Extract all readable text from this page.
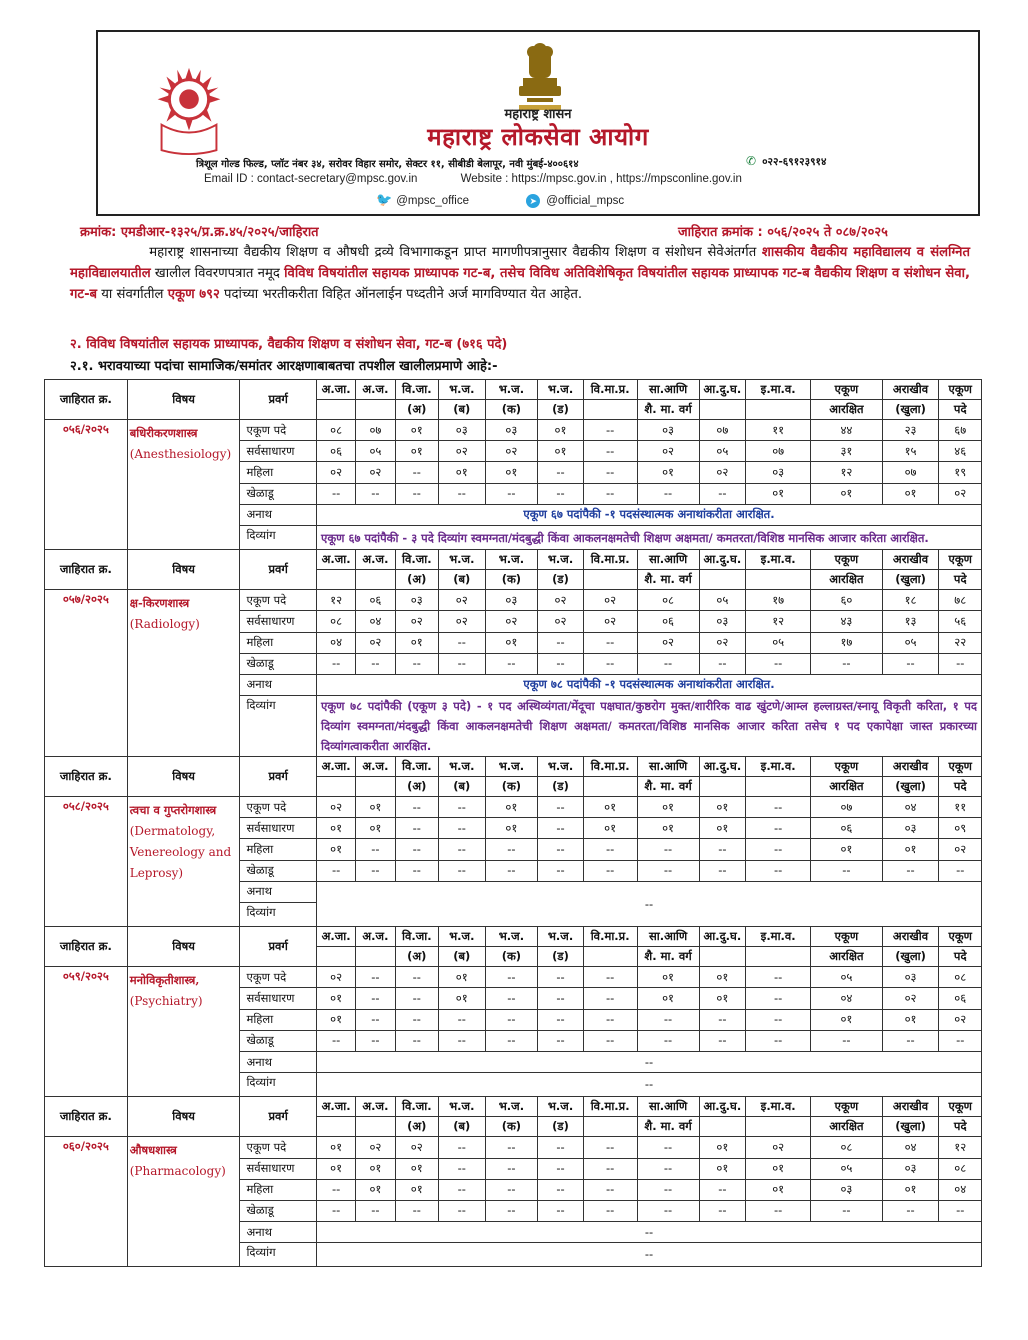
महाराष्ट्र शासन
महाराष्ट्र लोकसेवा आयोग
त्रिशूल गोल्ड फिल्ड, प्लॉट नंबर ३४, सरोवर विहार समोर, सेक्टर ११, सीबीडी बेलापूर, नवी मुंबई-४००६१४	✆ ०२२-६९१२३९१४
Email ID : contact-secretary@mpsc.gov.in	Website : https://mpsc.gov.in , https://mpsconline.gov.in
🐦 @mpsc_office	➤ @official_mpsc
क्रमांक: एमडीआर-१३२५/प्र.क्र.४५/२०२५/जाहिरात	जाहिरात क्रमांक : ०५६/२०२५ ते ०८७/२०२५
महाराष्ट्र शासनाच्या वैद्यकीय शिक्षण व औषधी द्रव्ये विभागाकडून प्राप्त मागणीपत्रानुसार वैद्यकीय शिक्षण व संशोधन सेवेअंतर्गत शासकीय वैद्यकीय महाविद्यालय व संलग्नित महाविद्यालयातील खालील विवरणपत्रात नमूद विविध विषयांतील सहायक प्राध्यापक गट-ब, तसेच विविध अतिविशेषिकृत विषयांतील सहायक प्राध्यापक गट-ब वैद्यकीय शिक्षण व संशोधन सेवा, गट-ब या संवर्गातील एकूण ७९२ पदांच्या भरतीकरीता विहित ऑनलाईन पध्दतीने अर्ज मागविण्यात येत आहेत.
२. विविध विषयांतील सहायक प्राध्यापक, वैद्यकीय शिक्षण व संशोधन सेवा, गट-ब (७१६ पदे)
२.१. भरावयाच्या पदांचा सामाजिक/समांतर आरक्षणाबाबतचा तपशील खालीलप्रमाणे आहे:-
जाहिरात क्र.	विषय	प्रवर्ग	अ.जा.	अ.ज.	वि.जा.	भ.ज.	भ.ज.	भ.ज.	वि.मा.प्र.	सा.आणि	आ.दु.घ.	इ.मा.व.	एकूण	अराखीव	एकूण
					(अ)	(ब)	(क)	(ड)		शै. मा. वर्ग			आरक्षित	(खुला)	पदे
०५६/२०२५	बधिरीकरणशास्त्र
(Anesthesiology)	एकूण पदे	०८	०७	०१	०३	०३	०१	--	०३	०७	११	४४	२३	६७
		सर्वसाधारण	०६	०५	०१	०२	०२	०१	--	०२	०५	०७	३१	१५	४६
		महिला	०२	०२	--	०१	०१	--	--	०१	०२	०३	१२	०७	१९
		खेळाडू	--	--	--	--	--	--	--	--	--	०१	०१	०१	०२
		अनाथ	एकूण ६७ पदांपैकी -१ पदसंस्थात्मक अनाथांकरीता आरक्षित.												
		दिव्यांग	एकूण ६७ पदांपैकी - ३ पदे दिव्यांग स्वमग्नता/मंदबुद्धी किंवा आकलनक्षमतेची शिक्षण अक्षमता/ कमतरता/विशिष्ठ मानसिक आजार करिता आरक्षित.												
जाहिरात क्र.	विषय	प्रवर्ग	अ.जा.	अ.ज.	वि.जा.	भ.ज.	भ.ज.	भ.ज.	वि.मा.प्र.	सा.आणि	आ.दु.घ.	इ.मा.व.	एकूण	अराखीव	एकूण
					(अ)	(ब)	(क)	(ड)		शै. मा. वर्ग			आरक्षित	(खुला)	पदे
०५७/२०२५	क्ष-किरणशास्त्र
(Radiology)	एकूण पदे	१२	०६	०३	०२	०३	०२	०२	०८	०५	१७	६०	१८	७८
		सर्वसाधारण	०८	०४	०२	०२	०२	०२	०२	०६	०३	१२	४३	१३	५६
		महिला	०४	०२	०१	--	०१	--	--	०२	०२	०५	१७	०५	२२
		खेळाडू	--	--	--	--	--	--	--	--	--	--	--	--	--
		अनाथ	एकूण ७८ पदांपैकी -१ पदसंस्थात्मक अनाथांकरीता आरक्षित.												
		दिव्यांग	एकूण ७८ पदांपैकी (एकूण ३ पदे) - १ पद अस्थिव्यंगता/मेंदूचा पक्षघात/कुष्ठरोग मुक्त/शारीरिक वाढ खुंटणे/आम्ल हल्लाग्रस्त/स्नायू विकृती करिता, १ पद दिव्यांग स्वमग्नता/मंदबुद्धी किंवा आकलनक्षमतेची शिक्षण अक्षमता/ कमतरता/विशिष्ठ मानसिक आजार करिता तसेच १ पद एकापेक्षा जास्त प्रकारच्या दिव्यांगत्वाकरीता आरक्षित.												
जाहिरात क्र.	विषय	प्रवर्ग	अ.जा.	अ.ज.	वि.जा.	भ.ज.	भ.ज.	भ.ज.	वि.मा.प्र.	सा.आणि	आ.दु.घ.	इ.मा.व.	एकूण	अराखीव	एकूण
					(अ)	(ब)	(क)	(ड)		शै. मा. वर्ग			आरक्षित	(खुला)	पदे
०५८/२०२५	त्वचा व गुप्तरोगशास्त्र
(Dermatology, Venereology and Leprosy)	एकूण पदे	०२	०१	--	--	०१	--	०१	०१	०१	--	०७	०४	११
		सर्वसाधारण	०१	०१	--	--	०१	--	०१	०१	०१	--	०६	०३	०९
		महिला	०१	--	--	--	--	--	--	--	--	--	०१	०१	०२
		खेळाडू	--	--	--	--	--	--	--	--	--	--	--	--	--
		अनाथ	--												
		दिव्यांग													
जाहिरात क्र.	विषय	प्रवर्ग	अ.जा.	अ.ज.	वि.जा.	भ.ज.	भ.ज.	भ.ज.	वि.मा.प्र.	सा.आणि	आ.दु.घ.	इ.मा.व.	एकूण	अराखीव	एकूण
					(अ)	(ब)	(क)	(ड)		शै. मा. वर्ग			आरक्षित	(खुला)	पदे
०५९/२०२५	मनोविकृतीशास्त्र,
(Psychiatry)	एकूण पदे	०२	--	--	०१	--	--	--	०१	०१	--	०५	०३	०८
		सर्वसाधारण	०१	--	--	०१	--	--	--	०१	०१	--	०४	०२	०६
		महिला	०१	--	--	--	--	--	--	--	--	--	०१	०१	०२
		खेळाडू	--	--	--	--	--	--	--	--	--	--	--	--	--
		अनाथ	--												
		दिव्यांग	--												
जाहिरात क्र.	विषय	प्रवर्ग	अ.जा.	अ.ज.	वि.जा.	भ.ज.	भ.ज.	भ.ज.	वि.मा.प्र.	सा.आणि	आ.दु.घ.	इ.मा.व.	एकूण	अराखीव	एकूण
					(अ)	(ब)	(क)	(ड)		शै. मा. वर्ग			आरक्षित	(खुला)	पदे
०६०/२०२५	औषधशास्त्र
(Pharmacology)	एकूण पदे	०१	०२	०२	--	--	--	--	--	०१	०२	०८	०४	१२
		सर्वसाधारण	०१	०१	०१	--	--	--	--	--	०१	०१	०५	०३	०८
		महिला	--	०१	०१	--	--	--	--	--	--	०१	०३	०१	०४
		खेळाडू	--	--	--	--	--	--	--	--	--	--	--	--	--
		अनाथ	--												
		दिव्यांग	--												
